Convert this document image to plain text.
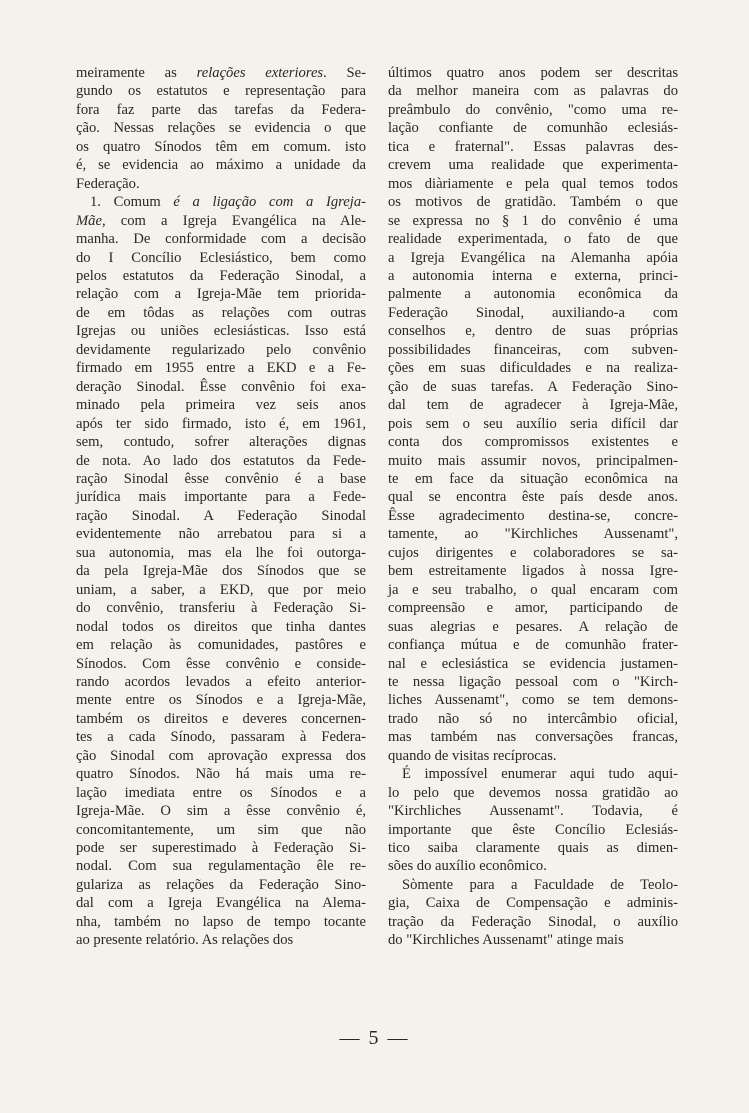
meiramente as relações exteriores. Se-
gundo os estatutos e representação para
fora faz parte das tarefas da Federa-
ção. Nessas relações se evidencia o que
os quatro Sínodos têm em comum. isto
é, se evidencia ao máximo a unidade da
Federação.

1. Comum é a ligação com a Igreja-
Mãe, com a Igreja Evangélica na Ale-
manha. De conformidade com a decisão
do I Concílio Eclesiástico, bem como
pelos estatutos da Federação Sinodal, a
relação com a Igreja-Mãe tem priorida-
de em tôdas as relações com outras
Igrejas ou uniões eclesiásticas. Isso está
devidamente regularizado pelo convênio
firmado em 1955 entre a EKD e a Fe-
deração Sinodal. Êsse convênio foi exa-
minado pela primeira vez seis anos
após ter sido firmado, isto é, em 1961,
sem, contudo, sofrer alterações dignas
de nota. Ao lado dos estatutos da Fede-
ração Sinodal êsse convênio é a base
jurídica mais importante para a Fede-
ração Sinodal. A Federação Sinodal
evidentemente não arrebatou para si a
sua autonomia, mas ela lhe foi outorga-
da pela Igreja-Mãe dos Sínodos que se
uniam, a saber, a EKD, que por meio
do convênio, transferiu à Federação Si-
nodal todos os direitos que tinha dantes
em relação às comunidades, pastôres e
Sínodos. Com êsse convênio e conside-
rando acordos levados a efeito anterior-
mente entre os Sínodos e a Igreja-Mãe,
também os direitos e deveres concernen-
tes a cada Sínodo, passaram à Federa-
ção Sinodal com aprovação expressa dos
quatro Sínodos. Não há mais uma re-
lação imediata entre os Sínodos e a
Igreja-Mãe. O sim a êsse convênio é,
concomitantemente, um sim que não
pode ser superestimado à Federação Si-
nodal. Com sua regulamentação êle re-
gulariza as relações da Federação Sino-
dal com a Igreja Evangélica na Alema-
nha, também no lapso de tempo tocante
ao presente relatório. As relações dos

últimos quatro anos podem ser descritas
da melhor maneira com as palavras do
preâmbulo do convênio, "como uma re-
lação confiante de comunhão eclesiás-
tica e fraternal". Essas palavras des-
crevem uma realidade que experimenta-
mos diàriamente e pela qual temos todos
os motivos de gratidão. Também o que
se expressa no § 1 do convênio é uma
realidade experimentada, o fato de que
a Igreja Evangélica na Alemanha apóia
a autonomia interna e externa, princi-
palmente a autonomia econômica da
Federação Sinodal, auxiliando-a com
conselhos e, dentro de suas próprias
possibilidades financeiras, com subven-
ções em suas dificuldades e na realiza-
ção de suas tarefas. A Federação Sino-
dal tem de agradecer à Igreja-Mãe,
pois sem o seu auxílio seria difícil dar
conta dos compromissos existentes e
muito mais assumir novos, principalmen-
te em face da situação econômica na
qual se encontra êste país desde anos.
Êsse agradecimento destina-se, concre-
tamente, ao "Kirchliches Aussenamt",
cujos dirigentes e colaboradores se sa-
bem estreitamente ligados à nossa Igre-
ja e seu trabalho, o qual encaram com
compreensão e amor, participando de
suas alegrias e pesares. A relação de
confiança mútua e de comunhão frater-
nal e eclesiástica se evidencia justamen-
te nessa ligação pessoal com o "Kirch-
liches Aussenamt", como se tem demons-
trado não só no intercâmbio oficial,
mas também nas conversações francas,
quando de visitas recíprocas.

É impossível enumerar aqui tudo aqui-
lo pelo que devemos nossa gratidão ao
"Kirchliches Aussenamt". Todavia, é
importante que êste Concílio Eclesiás-
tico saiba claramente quais as dimen-
sões do auxílio econômico.

Sòmente para a Faculdade de Teolo-
gia, Caixa de Compensação e adminis-
tração da Federação Sinodal, o auxílio
do "Kirchliches Aussenamt" atinge mais

— 5 —
